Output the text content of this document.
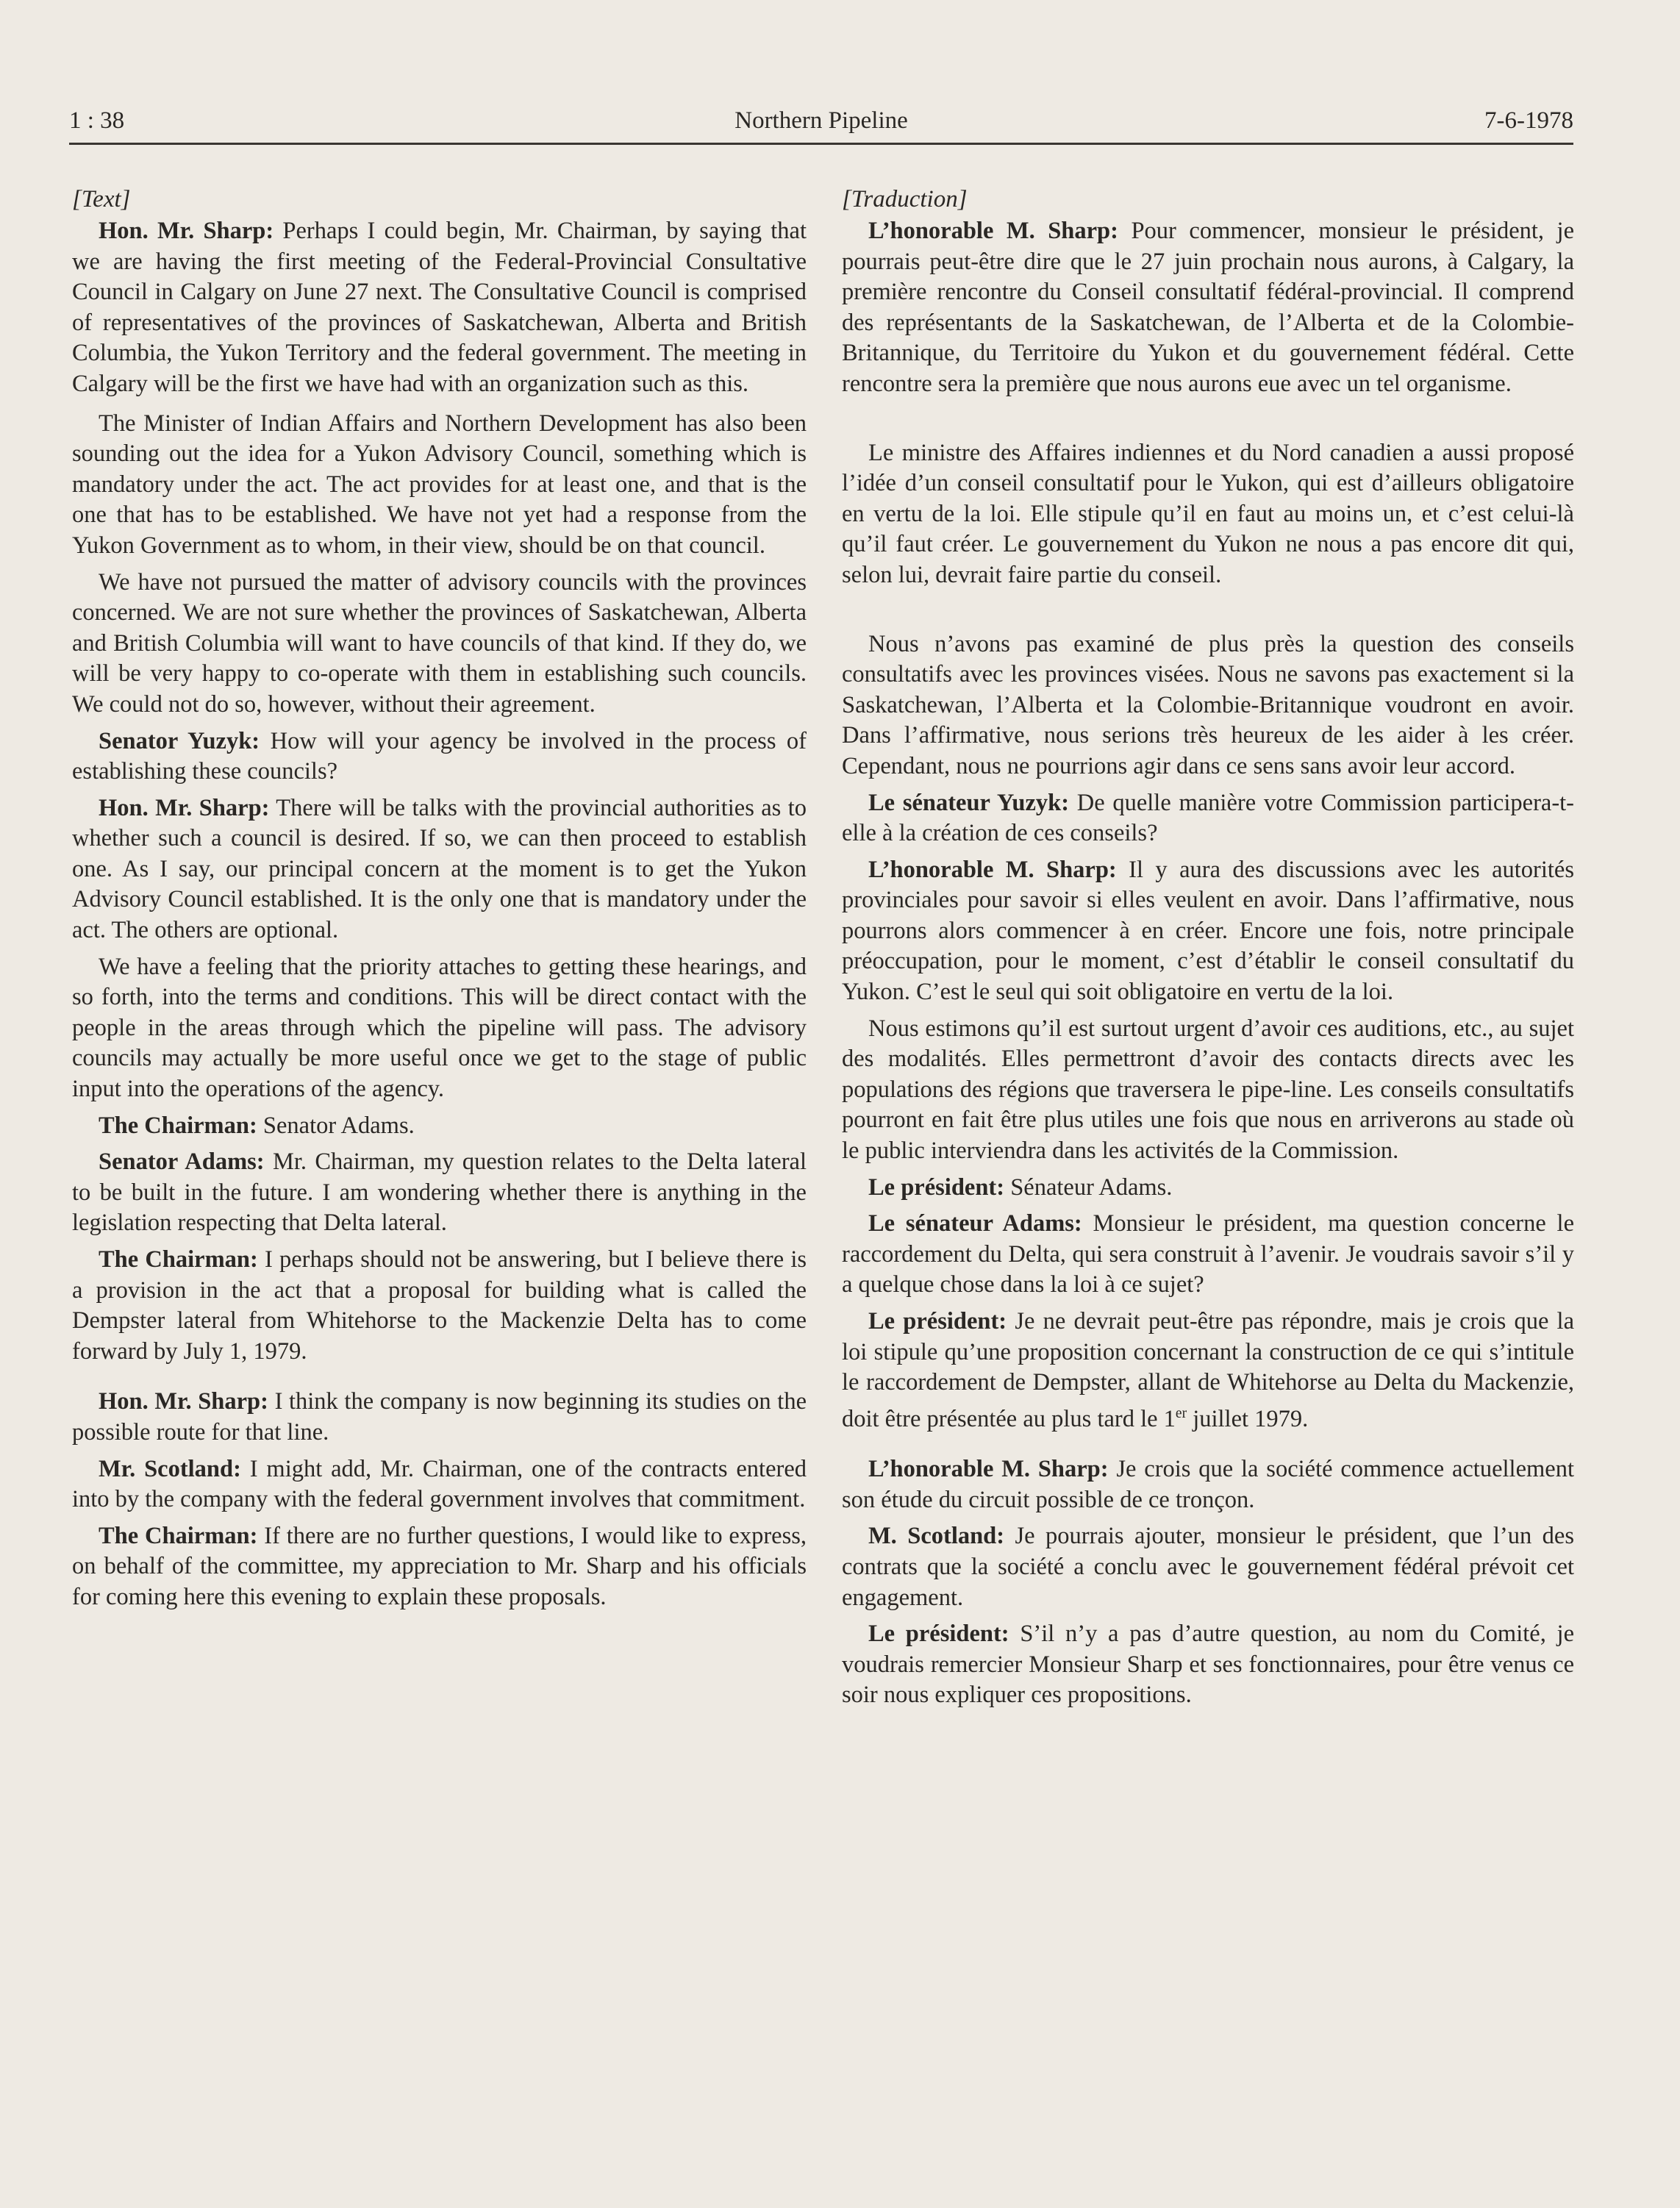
1 : 38	Northern Pipeline	7-6-1978
[Text]

Hon. Mr. Sharp: Perhaps I could begin, Mr. Chairman, by saying that we are having the first meeting of the Federal-Provincial Consultative Council in Calgary on June 27 next. The Consultative Council is comprised of representatives of the provinces of Saskatchewan, Alberta and British Columbia, the Yukon Territory and the federal government. The meeting in Calgary will be the first we have had with an organization such as this.

The Minister of Indian Affairs and Northern Development has also been sounding out the idea for a Yukon Advisory Council, something which is mandatory under the act. The act provides for at least one, and that is the one that has to be established. We have not yet had a response from the Yukon Government as to whom, in their view, should be on that council.

We have not pursued the matter of advisory councils with the provinces concerned. We are not sure whether the provinces of Saskatchewan, Alberta and British Columbia will want to have councils of that kind. If they do, we will be very happy to co-operate with them in establishing such councils. We could not do so, however, without their agreement.

Senator Yuzyk: How will your agency be involved in the process of establishing these councils?

Hon. Mr. Sharp: There will be talks with the provincial authorities as to whether such a council is desired. If so, we can then proceed to establish one. As I say, our principal concern at the moment is to get the Yukon Advisory Council established. It is the only one that is mandatory under the act. The others are optional.

We have a feeling that the priority attaches to getting these hearings, and so forth, into the terms and conditions. This will be direct contact with the people in the areas through which the pipeline will pass. The advisory councils may actually be more useful once we get to the stage of public input into the operations of the agency.

The Chairman: Senator Adams.

Senator Adams: Mr. Chairman, my question relates to the Delta lateral to be built in the future. I am wondering whether there is anything in the legislation respecting that Delta lateral.

The Chairman: I perhaps should not be answering, but I believe there is a provision in the act that a proposal for building what is called the Dempster lateral from Whitehorse to the Mackenzie Delta has to come forward by July 1, 1979.

Hon. Mr. Sharp: I think the company is now beginning its studies on the possible route for that line.

Mr. Scotland: I might add, Mr. Chairman, one of the contracts entered into by the company with the federal government involves that commitment.

The Chairman: If there are no further questions, I would like to express, on behalf of the committee, my appreciation to Mr. Sharp and his officials for coming here this evening to explain these proposals.

[Traduction]

L’honorable M. Sharp: Pour commencer, monsieur le président, je pourrais peut-être dire que le 27 juin prochain nous aurons, à Calgary, la première rencontre du Conseil consultatif fédéral-provincial. Il comprend des représentants de la Saskatchewan, de l’Alberta et de la Colombie-Britannique, du Territoire du Yukon et du gouvernement fédéral. Cette rencontre sera la première que nous aurons eue avec un tel organisme.

Le ministre des Affaires indiennes et du Nord canadien a aussi proposé l’idée d’un conseil consultatif pour le Yukon, qui est d’ailleurs obligatoire en vertu de la loi. Elle stipule qu’il en faut au moins un, et c’est celui-là qu’il faut créer. Le gouvernement du Yukon ne nous a pas encore dit qui, selon lui, devrait faire partie du conseil.

Nous n’avons pas examiné de plus près la question des conseils consultatifs avec les provinces visées. Nous ne savons pas exactement si la Saskatchewan, l’Alberta et la Colombie-Britannique voudront en avoir. Dans l’affirmative, nous serions très heureux de les aider à les créer. Cependant, nous ne pourrions agir dans ce sens sans avoir leur accord.

Le sénateur Yuzyk: De quelle manière votre Commission participera-t-elle à la création de ces conseils?

L’honorable M. Sharp: Il y aura des discussions avec les autorités provinciales pour savoir si elles veulent en avoir. Dans l’affirmative, nous pourrons alors commencer à en créer. Encore une fois, notre principale préoccupation, pour le moment, c’est d’établir le conseil consultatif du Yukon. C’est le seul qui soit obligatoire en vertu de la loi.

Nous estimons qu’il est surtout urgent d’avoir ces auditions, etc., au sujet des modalités. Elles permettront d’avoir des contacts directs avec les populations des régions que traversera le pipe-line. Les conseils consultatifs pourront en fait être plus utiles une fois que nous en arriverons au stade où le public interviendra dans les activités de la Commission.

Le président: Sénateur Adams.

Le sénateur Adams: Monsieur le président, ma question concerne le raccordement du Delta, qui sera construit à l’avenir. Je voudrais savoir s’il y a quelque chose dans la loi à ce sujet?

Le président: Je ne devrait peut-être pas répondre, mais je crois que la loi stipule qu’une proposition concernant la construction de ce qui s’intitule le raccordement de Dempster, allant de Whitehorse au Delta du Mackenzie, doit être présentée au plus tard le 1er juillet 1979.

L’honorable M. Sharp: Je crois que la société commence actuellement son étude du circuit possible de ce tronçon.

M. Scotland: Je pourrais ajouter, monsieur le président, que l’un des contrats que la société a conclu avec le gouvernement fédéral prévoit cet engagement.

Le président: S’il n’y a pas d’autre question, au nom du Comité, je voudrais remercier Monsieur Sharp et ses fonctionnaires, pour être venus ce soir nous expliquer ces propositions.
